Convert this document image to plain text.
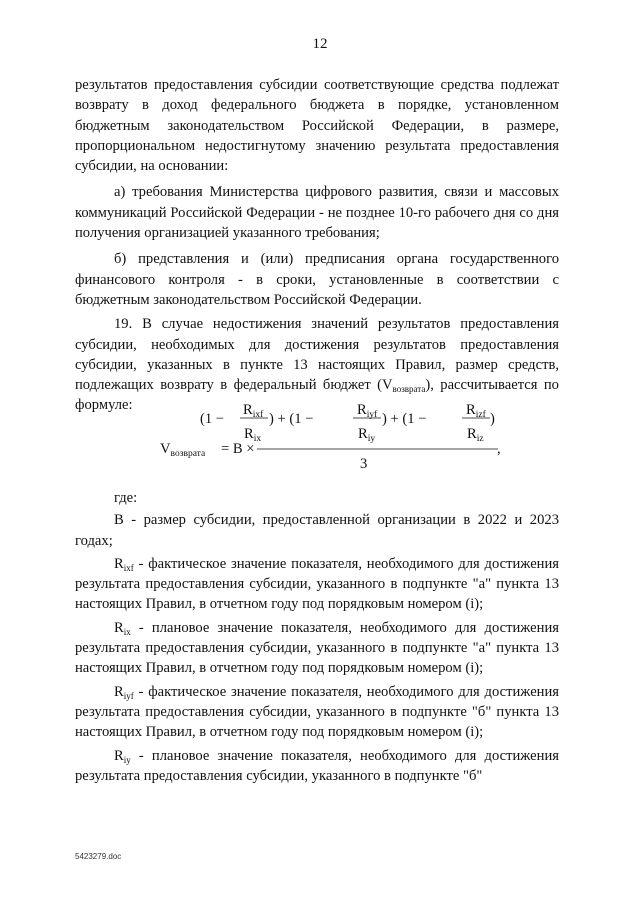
12

результатов предоставления субсидии соответствующие средства подлежат возврату в доход федерального бюджета в порядке, установленном бюджетным законодательством Российской Федерации, в размере, пропорциональном недостигнутому значению результата предоставления субсидии, на основании:

а) требования Министерства цифрового развития, связи и массовых коммуникаций Российской Федерации - не позднее 10-го рабочего дня со дня получения организацией указанного требования;

б) представления и (или) предписания органа государственного финансового контроля - в сроки, установленные в соответствии с бюджетным законодательством Российской Федерации.

19. В случае недостижения значений результатов предоставления субсидии, необходимых для достижения результатов предоставления субсидии, указанных в пункте 13 настоящих Правил, размер средств, подлежащих возврату в федеральный бюджет $(V_{возврата})$, рассчитывается по формуле:

(1 −
$R_{ixf}$
$R_{ix}$
) + (1 −
$R_{iyf}$
$R_{iy}$
) + (1 −
$R_{izf}$
$R_{iz}$
)
$V_{возврата} = B$ ×
3
,

где:

B - размер субсидии, предоставленной организации в 2022 и 2023 годах;

$R_{ixf}$ - фактическое значение показателя, необходимого для достижения результата предоставления субсидии, указанного в подпункте "а" пункта 13 настоящих Правил, в отчетном году под порядковым номером (i);

$R_{ix}$ - плановое значение показателя, необходимого для достижения результата предоставления субсидии, указанного в подпункте "а" пункта 13 настоящих Правил, в отчетном году под порядковым номером (i);

$R_{iyf}$ - фактическое значение показателя, необходимого для достижения результата предоставления субсидии, указанного в подпункте "б" пункта 13 настоящих Правил, в отчетном году под порядковым номером (i);

$R_{iy}$ - плановое значение показателя, необходимого для достижения результата предоставления субсидии, указанного в подпункте "б"

5423279.doc
